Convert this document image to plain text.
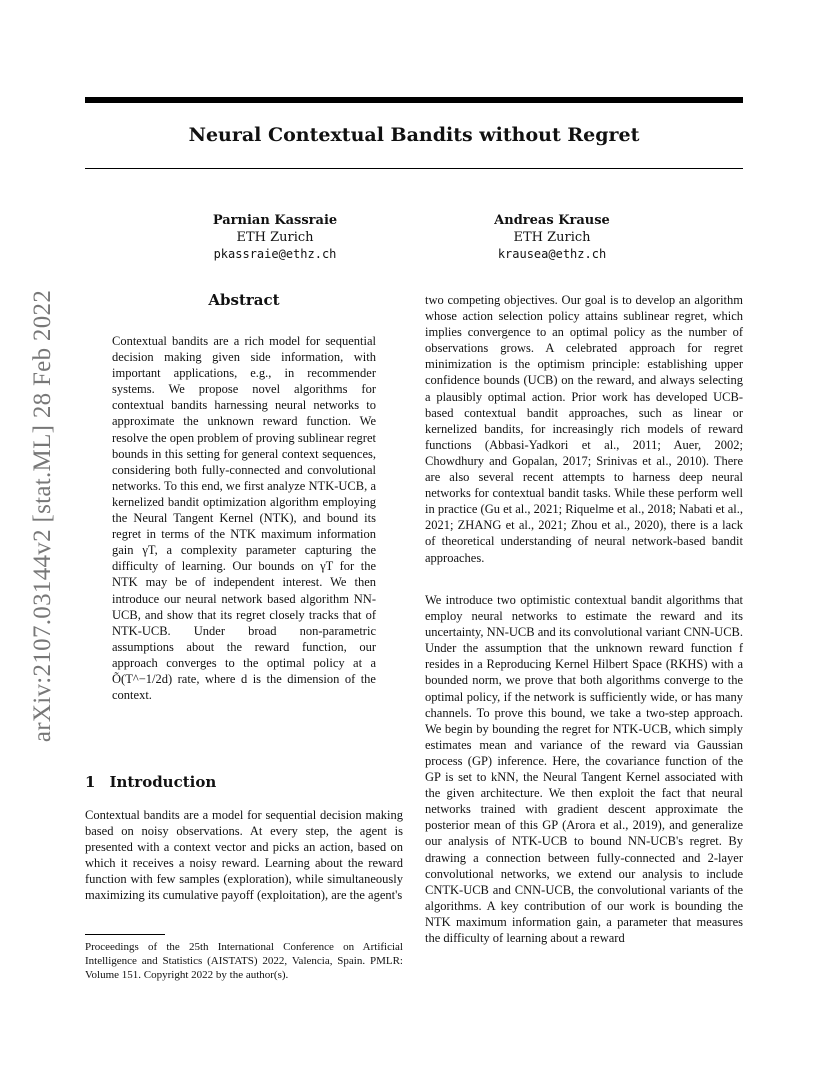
Neural Contextual Bandits without Regret
Parnian Kassraie
ETH Zurich
pkassraie@ethz.ch
Andreas Krause
ETH Zurich
krausea@ethz.ch
arXiv:2107.03144v2 [stat.ML] 28 Feb 2022	Abstract

Contextual bandits are a rich model for sequential decision making given side information, with important applications, e.g., in recommender systems. We propose novel algorithms for contextual bandits harnessing neural networks to approximate the unknown reward function. We resolve the open problem of proving sublinear regret bounds in this setting for general context sequences, considering both fully-connected and convolutional networks. To this end, we first analyze NTK-UCB, a kernelized bandit optimization algorithm employing the Neural Tangent Kernel (NTK), and bound its regret in terms of the NTK maximum information gain γT, a complexity parameter capturing the difficulty of learning. Our bounds on γT for the NTK may be of independent interest. We then introduce our neural network based algorithm NN-UCB, and show that its regret closely tracks that of NTK-UCB. Under broad non-parametric assumptions about the reward function, our approach converges to the optimal policy at a Õ(T^−1/2d) rate, where d is the dimension of the context.

1 Introduction

Contextual bandits are a model for sequential decision making based on noisy observations. At every step, the agent is presented with a context vector and picks an action, based on which it receives a noisy reward. Learning about the reward function with few samples (exploration), while simultaneously maximizing its cumulative payoff (exploitation), are the agent's

Proceedings of the 25th International Conference on Artificial Intelligence and Statistics (AISTATS) 2022, Valencia, Spain. PMLR: Volume 151. Copyright 2022 by the author(s).

two competing objectives. Our goal is to develop an algorithm whose action selection policy attains sublinear regret, which implies convergence to an optimal policy as the number of observations grows. A celebrated approach for regret minimization is the optimism principle: establishing upper confidence bounds (UCB) on the reward, and always selecting a plausibly optimal action. Prior work has developed UCB-based contextual bandit approaches, such as linear or kernelized bandits, for increasingly rich models of reward functions (Abbasi-Yadkori et al., 2011; Auer, 2002; Chowdhury and Gopalan, 2017; Srinivas et al., 2010). There are also several recent attempts to harness deep neural networks for contextual bandit tasks. While these perform well in practice (Gu et al., 2021; Riquelme et al., 2018; Nabati et al., 2021; ZHANG et al., 2021; Zhou et al., 2020), there is a lack of theoretical understanding of neural network-based bandit approaches.

We introduce two optimistic contextual bandit algorithms that employ neural networks to estimate the reward and its uncertainty, NN-UCB and its convolutional variant CNN-UCB. Under the assumption that the unknown reward function f resides in a Reproducing Kernel Hilbert Space (RKHS) with a bounded norm, we prove that both algorithms converge to the optimal policy, if the network is sufficiently wide, or has many channels. To prove this bound, we take a two-step approach. We begin by bounding the regret for NTK-UCB, which simply estimates mean and variance of the reward via Gaussian process (GP) inference. Here, the covariance function of the GP is set to kNN, the Neural Tangent Kernel associated with the given architecture. We then exploit the fact that neural networks trained with gradient descent approximate the posterior mean of this GP (Arora et al., 2019), and generalize our analysis of NTK-UCB to bound NN-UCB's regret. By drawing a connection between fully-connected and 2-layer convolutional networks, we extend our analysis to include CNTK-UCB and CNN-UCB, the convolutional variants of the algorithms. A key contribution of our work is bounding the NTK maximum information gain, a parameter that measures the difficulty of learning about a reward
